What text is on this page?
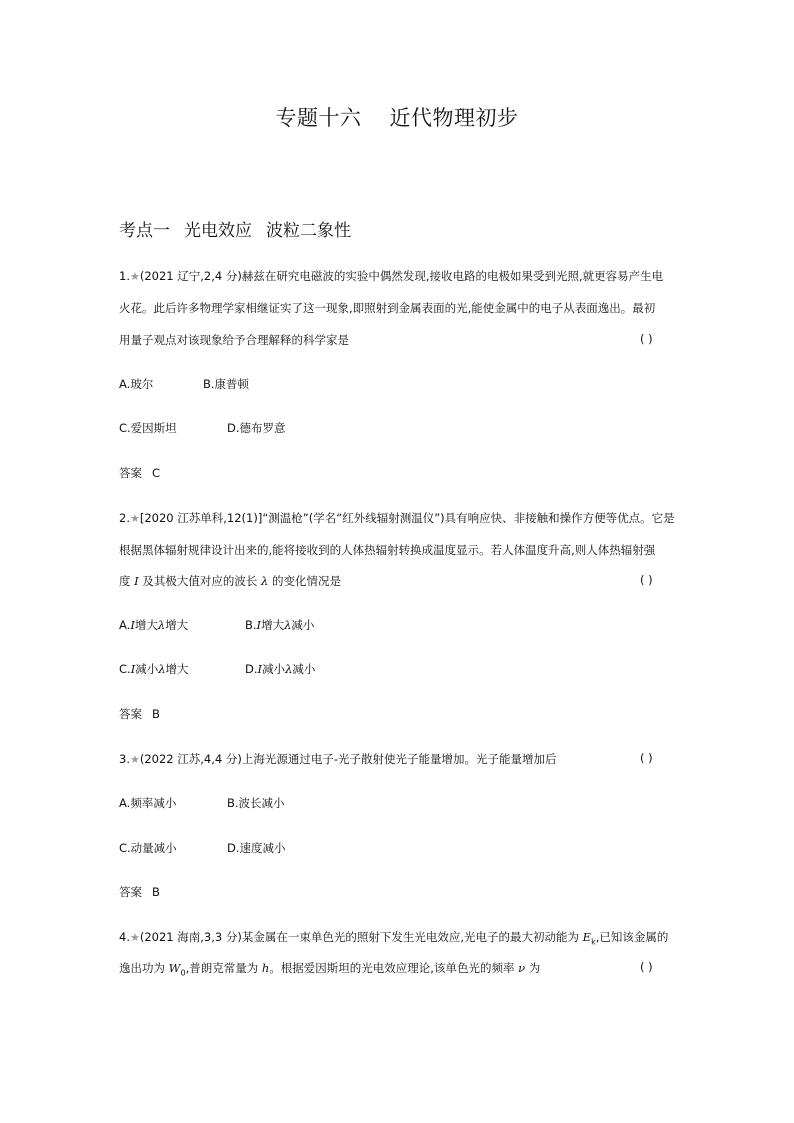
专题十六 近代物理初步
考点一 光电效应 波粒二象性
1.★(2021 辽宁,2,4 分)赫兹在研究电磁波的实验中偶然发现,接收电路的电极如果受到光照,就更容易产生电
火花。此后许多物理学家相继证实了这一现象,即照射到金属表面的光,能使金属中的电子从表面逸出。最初
用量子观点对该现象给予合理解释的科学家是	( )
A.玻尔	B.康普顿
C.爱因斯坦	D.德布罗意
答案 C
2.★[2020 江苏单科,12(1)]“测温枪”(学名“红外线辐射测温仪”)具有响应快、非接触和操作方便等优点。它是
根据黑体辐射规律设计出来的,能将接收到的人体热辐射转换成温度显示。若人体温度升高,则人体热辐射强
度 I 及其极大值对应的波长 λ 的变化情况是	( )
A.I增大λ增大	B.I增大λ减小
C.I减小λ增大	D.I减小λ减小
答案 B
3.★(2022 江苏,4,4 分)上海光源通过电子-光子散射使光子能量增加。光子能量增加后	( )
A.频率减小	B.波长减小
C.动量减小	D.速度减小
答案 B
4.★(2021 海南,3,3 分)某金属在一束单色光的照射下发生光电效应,光电子的最大初动能为 $E_k$,已知该金属的
逸出功为 $W_0$,普朗克常量为 h。根据爱因斯坦的光电效应理论,该单色光的频率 ν 为	( )
